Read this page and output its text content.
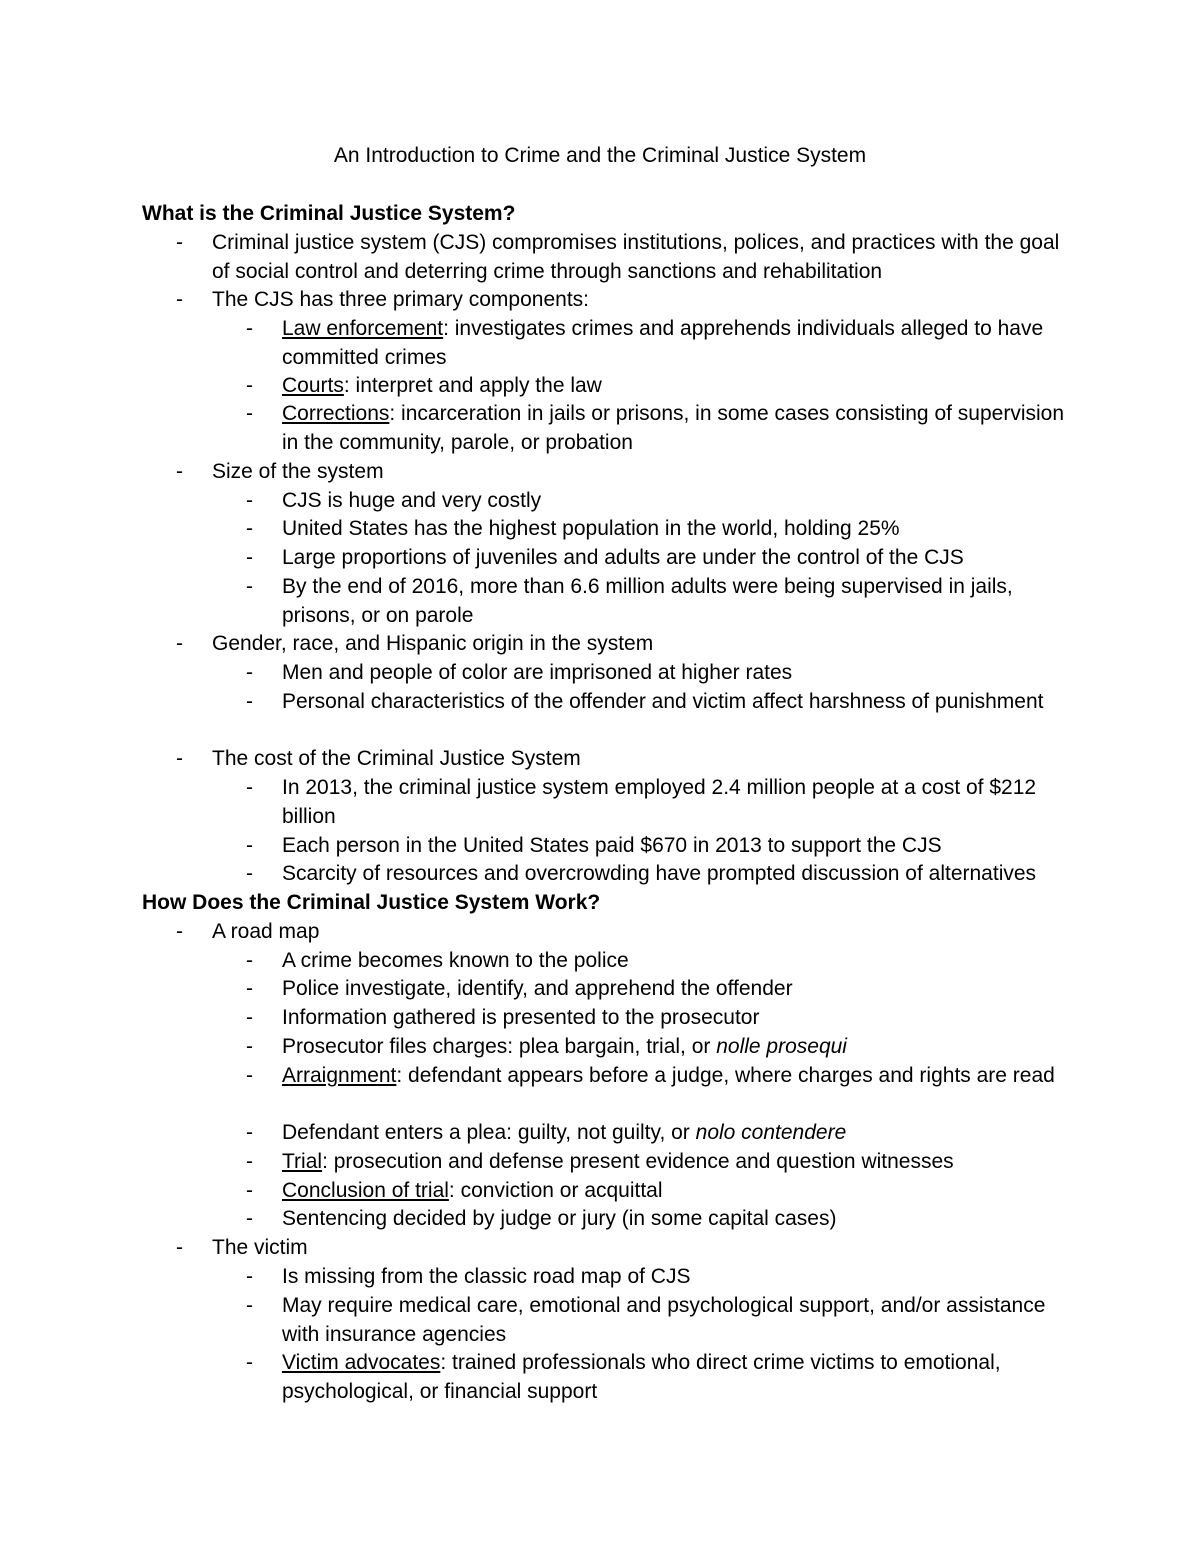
An Introduction to Crime and the Criminal Justice System
What is the Criminal Justice System?
- Criminal justice system (CJS) compromises institutions, polices, and practices with the goal of social control and deterring crime through sanctions and rehabilitation
- The CJS has three primary components:
- Law enforcement: investigates crimes and apprehends individuals alleged to have committed crimes
- Courts: interpret and apply the law
- Corrections: incarceration in jails or prisons, in some cases consisting of supervision in the community, parole, or probation
- Size of the system
- CJS is huge and very costly
- United States has the highest population in the world, holding 25%
- Large proportions of juveniles and adults are under the control of the CJS
- By the end of 2016, more than 6.6 million adults were being supervised in jails, prisons, or on parole
- Gender, race, and Hispanic origin in the system
- Men and people of color are imprisoned at higher rates
- Personal characteristics of the offender and victim affect harshness of punishment
- The cost of the Criminal Justice System
- In 2013, the criminal justice system employed 2.4 million people at a cost of $212 billion
- Each person in the United States paid $670 in 2013 to support the CJS
- Scarcity of resources and overcrowding have prompted discussion of alternatives
How Does the Criminal Justice System Work?
- A road map
- A crime becomes known to the police
- Police investigate, identify, and apprehend the offender
- Information gathered is presented to the prosecutor
- Prosecutor files charges: plea bargain, trial, or nolle prosequi
- Arraignment: defendant appears before a judge, where charges and rights are read
- Defendant enters a plea: guilty, not guilty, or nolo contendere
- Trial: prosecution and defense present evidence and question witnesses
- Conclusion of trial: conviction or acquittal
- Sentencing decided by judge or jury (in some capital cases)
- The victim
- Is missing from the classic road map of CJS
- May require medical care, emotional and psychological support, and/or assistance with insurance agencies
- Victim advocates: trained professionals who direct crime victims to emotional, psychological, or financial support
